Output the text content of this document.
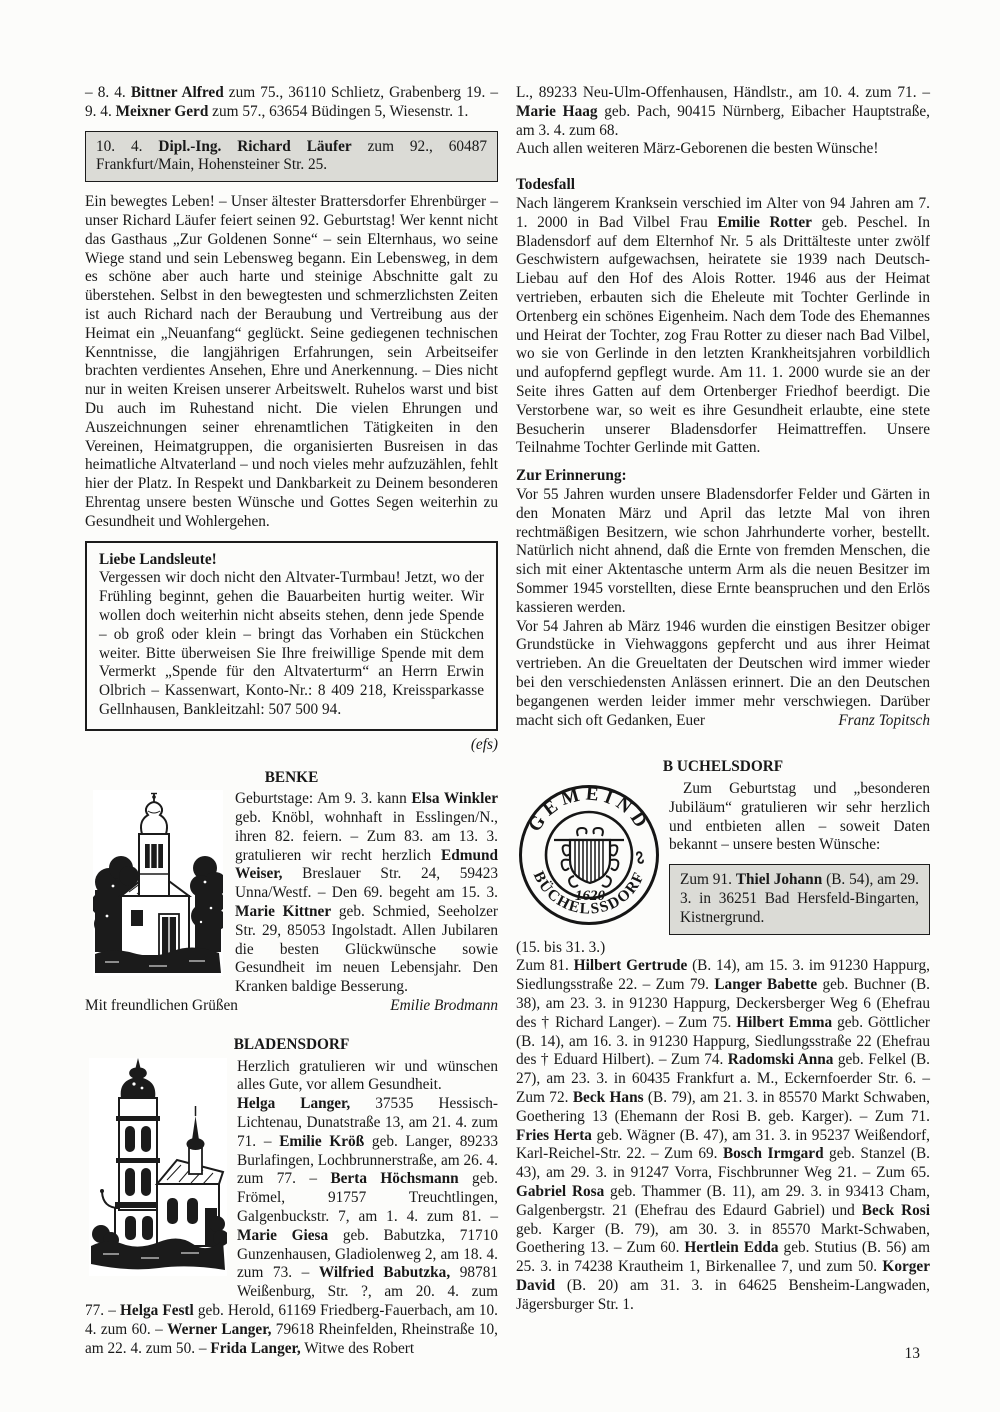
– 8. 4. Bittner Alfred zum 75., 36110 Schlietz, Grabenberg 19. – 9. 4. Meixner Gerd zum 57., 63654 Büdingen 5, Wiesenstr. 1.
10. 4. Dipl.-Ing. Richard Läufer zum 92., 60487 Frankfurt/Main, Hohensteiner Str. 25.
Ein bewegtes Leben! – Unser ältester Brattersdorfer Ehrenbürger – unser Richard Läufer feiert seinen 92. Geburtstag! Wer kennt nicht das Gasthaus „Zur Goldenen Sonne“ – sein Elternhaus, wo seine Wiege stand und sein Lebensweg begann. Ein Lebensweg, in dem es schöne aber auch harte und steinige Abschnitte galt zu überstehen. Selbst in den bewegtesten und schmerzlichsten Zeiten ist auch Richard nach der Beraubung und Vertreibung aus der Heimat ein „Neuanfang“ geglückt. Seine gediegenen technischen Kenntnisse, die langjährigen Erfahrungen, sein Arbeitseifer brachten verdientes Ansehen, Ehre und Anerkennung. – Dies nicht nur in weiten Kreisen unserer Arbeitswelt. Ruhelos warst und bist Du auch im Ruhestand nicht. Die vielen Ehrungen und Auszeichnungen seiner ehrenamtlichen Tätigkeiten in den Vereinen, Heimatgruppen, die organisierten Busreisen in das heimatliche Altvaterland – und noch vieles mehr aufzuzählen, fehlt hier der Platz. In Respekt und Dankbarkeit zu Deinem besonderen Ehrentag unsere besten Wünsche und Gottes Segen weiterhin zu Gesundheit und Wohlergehen.
Liebe Landsleute!
Vergessen wir doch nicht den Altvater-Turmbau! Jetzt, wo der Frühling beginnt, gehen die Bauarbeiten hurtig weiter. Wir wollen doch weiterhin nicht abseits stehen, denn jede Spende – ob groß oder klein – bringt das Vorhaben ein Stückchen weiter. Bitte überweisen Sie Ihre freiwillige Spende mit dem Vermerkt „Spende für den Altvaterturm“ an Herrn Erwin Olbrich – Kassenwart, Konto-Nr.: 8 409 218, Kreissparkasse Gellnhausen, Bankleitzahl: 507 500 94.
(efs)
BENKE
Geburtstage: Am 9. 3. kann Elsa Winkler geb. Knöbl, wohnhaft in Esslingen/N., ihren 82. feiern. – Zum 83. am 13. 3. gratulieren wir recht herzlich Edmund Weiser, Breslauer Str. 24, 59423 Unna/Westf. – Den 69. begeht am 15. 3. Marie Kittner geb. Schmied, Seeholzer Str. 29, 85053 Ingolstadt. Allen Jubilaren die besten Glückwünsche sowie Gesundheit im neuen Lebensjahr. Den Kranken baldige Besserung.
Mit freundlichen Grüßen	Emilie Brodmann
BLADENSDORF
Herzlich gratulieren wir und wünschen alles Gute, vor allem Gesundheit.
Helga Langer, 37535 Hessisch-Lichtenau, Dunatstraße 13, am 21. 4. zum 71. – Emilie Kröß geb. Langer, 89233 Burlafingen, Lochbrunnerstraße, am 26. 4. zum 77. – Berta Höchsmann geb. Frömel, 91757 Treuchtlingen, Galgenbuckstr. 7, am 1. 4. zum 81. – Marie Giesa geb. Babutzka, 71710 Gunzenhausen, Gladiolenweg 2, am 18. 4. zum 73. – Wilfried Babutzka, 98781 Weißenburg, Str. ?, am 20. 4. zum
77. – Helga Festl geb. Herold, 61169 Friedberg-Fauerbach, am 10. 4. zum 60. – Werner Langer, 79618 Rheinfelden, Rheinstraße 10, am 22. 4. zum 50. – Frida Langer, Witwe des Robert
L., 89233 Neu-Ulm-Offenhausen, Händlstr., am 10. 4. zum 71. – Marie Haag geb. Pach, 90415 Nürnberg, Eibacher Hauptstraße, am 3. 4. zum 68.
Auch allen weiteren März-Geborenen die besten Wünsche!
Todesfall
Nach längerem Kranksein verschied im Alter von 94 Jahren am 7. 1. 2000 in Bad Vilbel Frau Emilie Rotter geb. Peschel. In Bladensdorf auf dem Elternhof Nr. 5 als Drittälteste unter zwölf Geschwistern aufgewachsen, heiratete sie 1939 nach Deutsch-Liebau auf den Hof des Alois Rotter. 1946 aus der Heimat vertrieben, erbauten sich die Eheleute mit Tochter Gerlinde in Ortenberg ein schönes Eigenheim. Nach dem Tode des Ehemannes und Heirat der Tochter, zog Frau Rotter zu dieser nach Bad Vilbel, wo sie von Gerlinde in den letzten Krankheitsjahren vorbildlich und aufopfernd gepflegt wurde. Am 11. 1. 2000 wurde sie an der Seite ihres Gatten auf dem Ortenberger Friedhof beerdigt. Die Verstorbene war, so weit es ihre Gesundheit erlaubte, eine stete Besucherin unserer Bladensdorfer Heimattreffen. Unsere Teilnahme Tochter Gerlinde mit Gatten.
Zur Erinnerung:
Vor 55 Jahren wurden unsere Bladensdorfer Felder und Gärten in den Monaten März und April das letzte Mal von ihren rechtmäßigen Besitzern, wie schon Jahrhunderte vorher, bestellt. Natürlich nicht ahnend, daß die Ernte von fremden Menschen, die sich mit einer Aktentasche unterm Arm als die neuen Besitzer im Sommer 1945 vorstellten, diese Ernte beanspruchen und den Erlös kassieren werden.
Vor 54 Jahren ab März 1946 wurden die einstigen Besitzer obiger Grundstücke in Viehwaggons gepfercht und aus ihrer Heimat vertrieben. An die Greueltaten der Deutschen wird immer wieder bei den verschiedensten Anlässen erinnert. Die an den Deutschen begangenen werden leider immer mehr verschwiegen. Darüber
macht sich oft Gedanken, Euer	Franz Topitsch
B UCHELSDORF
GEMEIND
BÜCHELSSDORF
∾
1620
Zum Geburtstag und „besonderen Jubiläum“ gratulieren wir sehr herzlich und entbieten allen – soweit Daten bekannt – unsere besten Wünsche:
Zum 91. Thiel Johann (B. 54), am 29. 3. in 36251 Bad Hersfeld-Bingarten, Kistnergrund.
(15. bis 31. 3.)
Zum 81. Hilbert Gertrude (B. 14), am 15. 3. im 91230 Happurg, Siedlungsstraße 22. – Zum 79. Langer Babette geb. Buchner (B. 38), am 23. 3. in 91230 Happurg, Deckersberger Weg 6 (Ehefrau des † Richard Langer). – Zum 75. Hilbert Emma geb. Göttlicher (B. 14), am 16. 3. in 91230 Happurg, Siedlungsstraße 22 (Ehefrau des † Eduard Hilbert). – Zum 74. Radomski Anna geb. Felkel (B. 27), am 23. 3. in 60435 Frankfurt a. M., Eckernfoerder Str. 6. – Zum 72. Beck Hans (B. 79), am 21. 3. in 85570 Markt Schwaben, Goethering 13 (Ehemann der Rosi B. geb. Karger). – Zum 71. Fries Herta geb. Wägner (B. 47), am 31. 3. in 95237 Weißendorf, Karl-Reichel-Str. 22. – Zum 69. Bosch Irmgard geb. Stanzel (B. 43), am 29. 3. in 91247 Vorra, Fischbrunner Weg 21. – Zum 65. Gabriel Rosa geb. Thammer (B. 11), am 29. 3. in 93413 Cham, Galgenbergstr. 21 (Ehefrau des Edaurd Gabriel) und Beck Rosi geb. Karger (B. 79), am 30. 3. in 85570 Markt-Schwaben, Goethering 13. – Zum 60. Hertlein Edda geb. Stutius (B. 56) am 25. 3. in 74238 Krautheim 1, Birkenallee 7, und zum 50. Korger David (B. 20) am 31. 3. in 64625 Bensheim-Langwaden, Jägersburger Str. 1.
13
